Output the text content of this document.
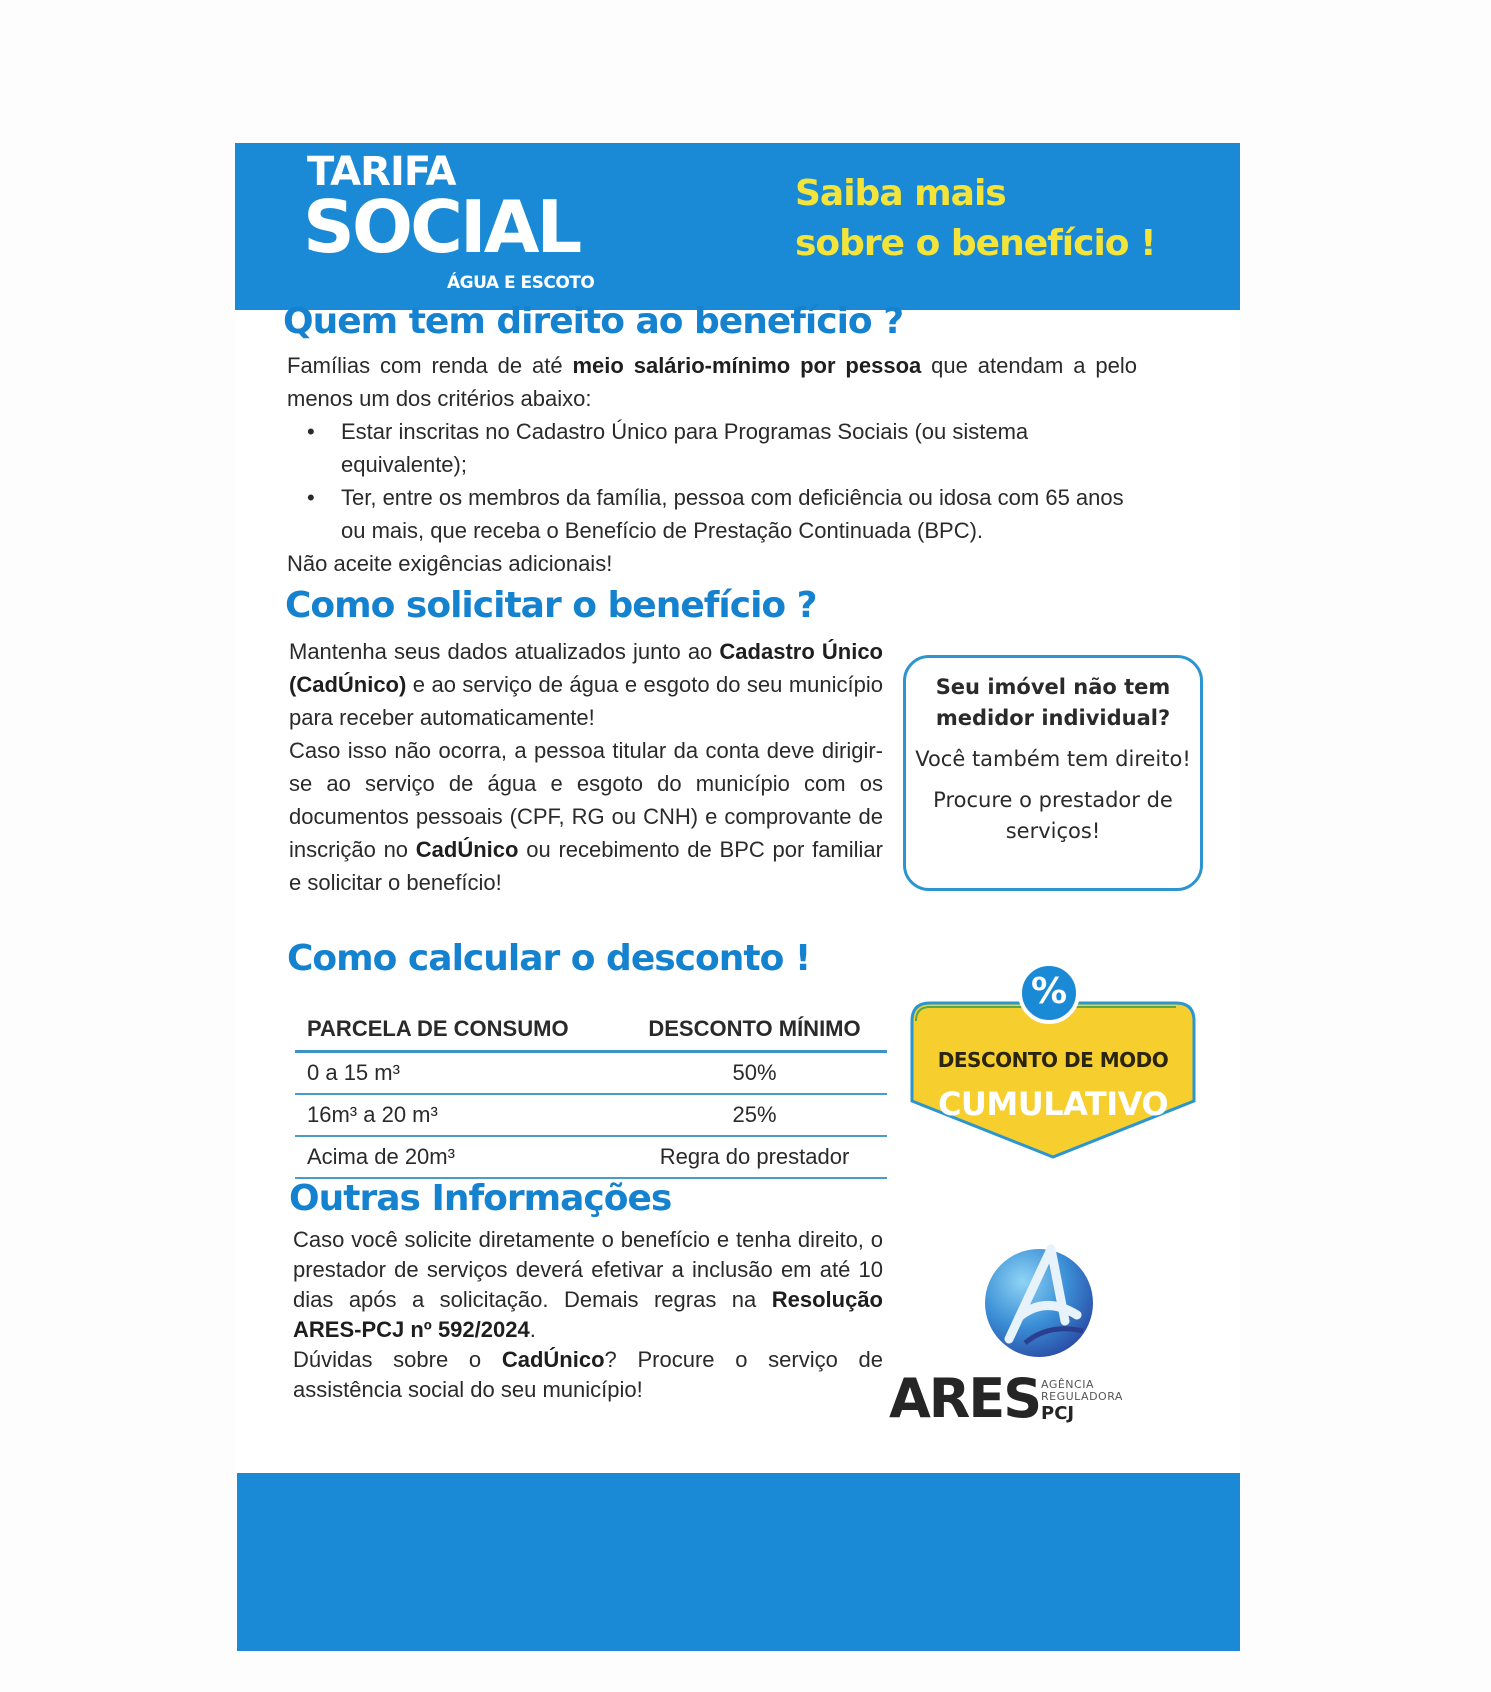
TARIFA
SOCIAL
ÁGUA E ESCOTO
Saiba mais
sobre o benefício !
Quem tem direito ao benefício ?
Famílias com renda de até meio salário-mínimo por pessoa que atendam a pelo menos um dos critérios abaixo:
• Estar inscritas no Cadastro Único para Programas Sociais (ou sistema equivalente);
• Ter, entre os membros da família, pessoa com deficiência ou idosa com 65 anos ou mais, que receba o Benefício de Prestação Continuada (BPC).
Não aceite exigências adicionais!
Como solicitar o benefício ?
Mantenha seus dados atualizados junto ao Cadastro Único (CadÚnico) e ao serviço de água e esgoto do seu município para receber automaticamente!
Caso isso não ocorra, a pessoa titular da conta deve dirigir-se ao serviço de água e esgoto do município com os documentos pessoais (CPF, RG ou CNH) e comprovante de inscrição no CadÚnico ou recebimento de BPC por familiar e solicitar o benefício!
Seu imóvel não tem medidor individual?
Você também tem direito!
Procure o prestador de serviços!
Como calcular o desconto !
PARCELA DE CONSUMO	DESCONTO MÍNIMO
0 a 15 m³	50%
16m³ a 20 m³	25%
Acima de 20m³	Regra do prestador
%
DESCONTO DE MODO
CUMULATIVO
Outras Informações
Caso você solicite diretamente o benefício e tenha direito, o prestador de serviços deverá efetivar a inclusão em até 10 dias após a solicitação. Demais regras na Resolução ARES-PCJ nº 592/2024.
Dúvidas sobre o CadÚnico? Procure o serviço de assistência social do seu município!	ARES AGÊNCIA
REGULADORA
PCJ
